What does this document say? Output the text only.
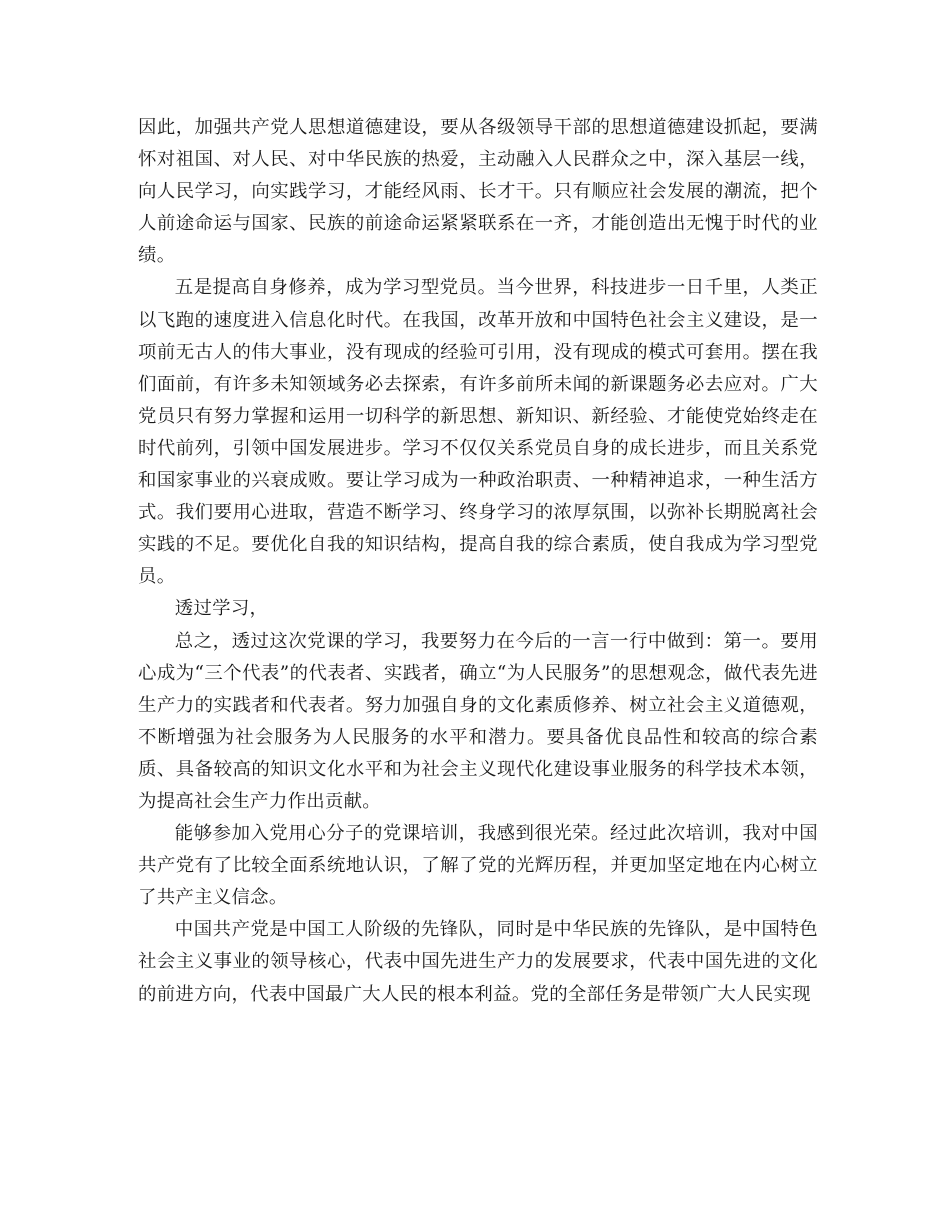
因此，加强共产党人思想道德建设，要从各级领导干部的思想道德建设抓起，要满怀对祖国、对人民、对中华民族的热爱，主动融入人民群众之中，深入基层一线，向人民学习，向实践学习，才能经风雨、长才干。只有顺应社会发展的潮流，把个人前途命运与国家、民族的前途命运紧紧联系在一齐，才能创造出无愧于时代的业绩。

五是提高自身修养，成为学习型党员。当今世界，科技进步一日千里，人类正以飞跑的速度进入信息化时代。在我国，改革开放和中国特色社会主义建设，是一项前无古人的伟大事业，没有现成的经验可引用，没有现成的模式可套用。摆在我们面前，有许多未知领域务必去探索，有许多前所未闻的新课题务必去应对。广大党员只有努力掌握和运用一切科学的新思想、新知识、新经验、才能使党始终走在时代前列，引领中国发展进步。学习不仅仅关系党员自身的成长进步，而且关系党和国家事业的兴衰成败。要让学习成为一种政治职责、一种精神追求，一种生活方式。我们要用心进取，营造不断学习、终身学习的浓厚氛围，以弥补长期脱离社会实践的不足。要优化自我的知识结构，提高自我的综合素质，使自我成为学习型党员。

透过学习，

总之，透过这次党课的学习，我要努力在今后的一言一行中做到：第一。要用心成为“三个代表”的代表者、实践者，确立“为人民服务”的思想观念，做代表先进生产力的实践者和代表者。努力加强自身的文化素质修养、树立社会主义道德观，不断增强为社会服务为人民服务的水平和潜力。要具备优良品性和较高的综合素质、具备较高的知识文化水平和为社会主义现代化建设事业服务的科学技术本领，为提高社会生产力作出贡献。

能够参加入党用心分子的党课培训，我感到很光荣。经过此次培训，我对中国共产党有了比较全面系统地认识，了解了党的光辉历程，并更加坚定地在内心树立了共产主义信念。

中国共产党是中国工人阶级的先锋队，同时是中华民族的先锋队，是中国特色社会主义事业的领导核心，代表中国先进生产力的发展要求，代表中国先进的文化的前进方向，代表中国最广大人民的根本利益。党的全部任务是带领广大人民实现
